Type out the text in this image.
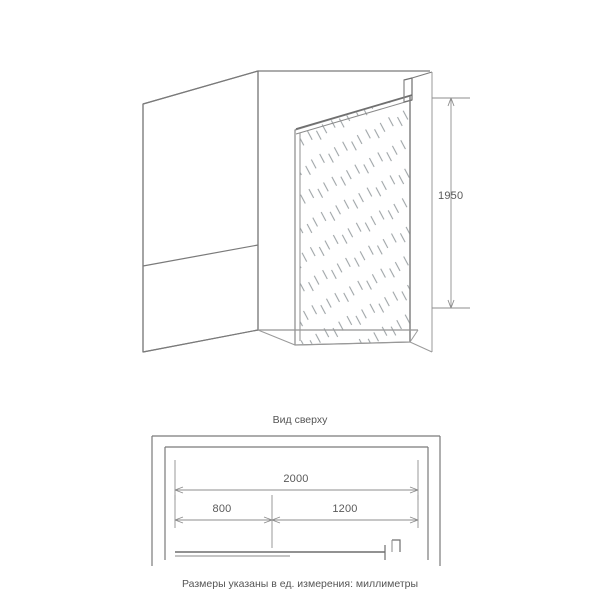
1950
2000
800	1200
Вид сверху
Размеры указаны в ед. измерения: миллиметры
